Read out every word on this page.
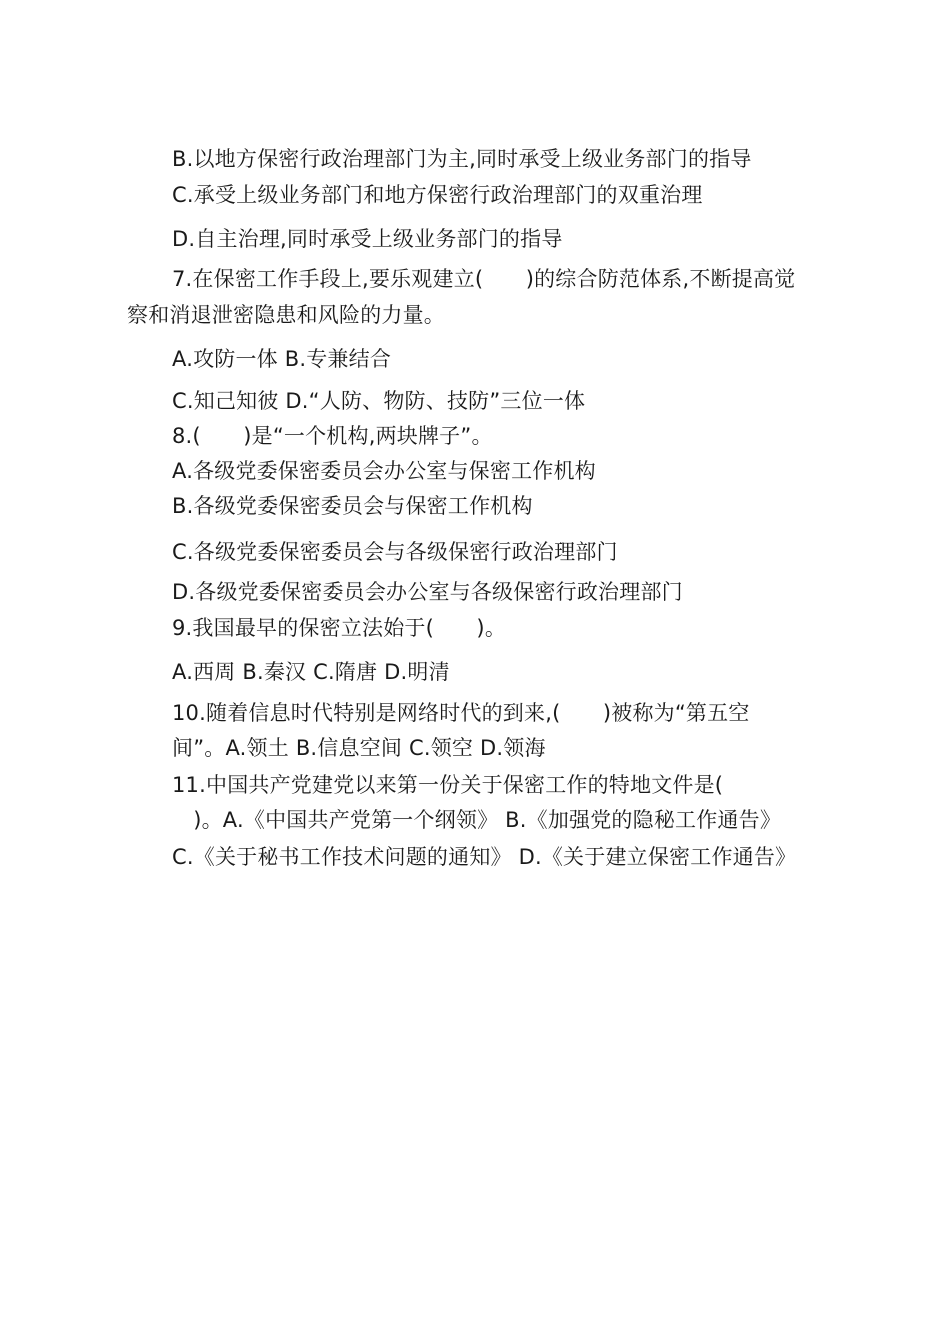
B.以地方保密行政治理部门为主,同时承受上级业务部门的指导
C.承受上级业务部门和地方保密行政治理部门的双重治理
D.自主治理,同时承受上级业务部门的指导
7.在保密工作手段上,要乐观建立(　　)的综合防范体系,不断提高觉
察和消退泄密隐患和风险的力量。
A.攻防一体 B.专兼结合
C.知己知彼 D.“人防、物防、技防”三位一体
8.(　　)是“一个机构,两块牌子”。
A.各级党委保密委员会办公室与保密工作机构
B.各级党委保密委员会与保密工作机构
C.各级党委保密委员会与各级保密行政治理部门
D.各级党委保密委员会办公室与各级保密行政治理部门
9.我国最早的保密立法始于(　　)。
A.西周 B.秦汉 C.隋唐 D.明清
10.随着信息时代特别是网络时代的到来,(　　)被称为“第五空
间”。A.领土 B.信息空间 C.领空 D.领海
11.中国共产党建党以来第一份关于保密工作的特地文件是(
　)。A.《中国共产党第一个纲领》 B.《加强党的隐秘工作通告》
C.《关于秘书工作技术问题的通知》 D.《关于建立保密工作通告》
